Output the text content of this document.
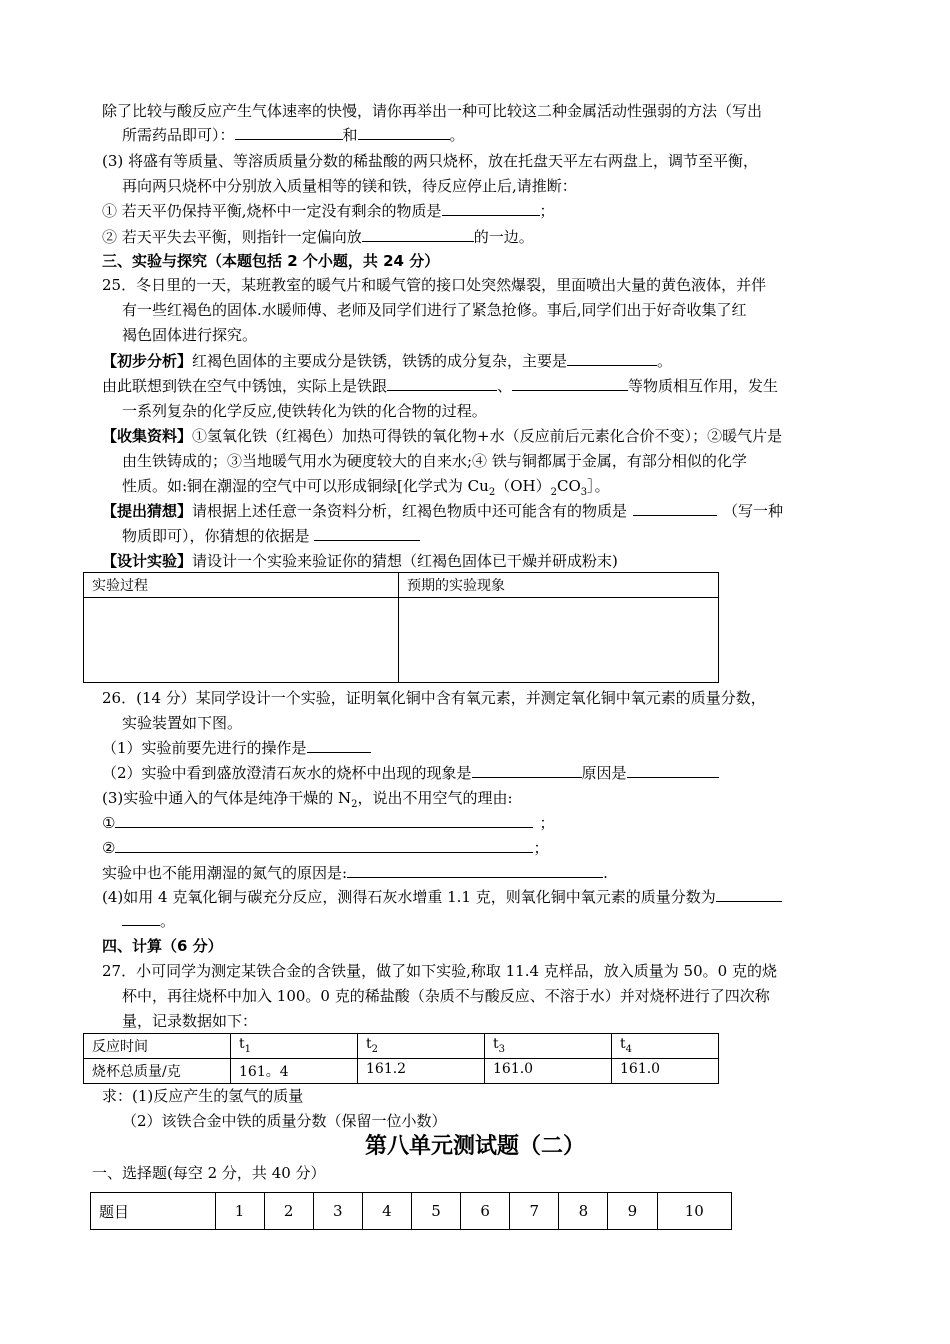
除了比较与酸反应产生气体速率的快慢，请你再举出一种可比较这二种金属活动性强弱的方法（写出
所需药品即可）：	和	。
(3) 将盛有等质量、等溶质质量分数的稀盐酸的两只烧杯，放在托盘天平左右两盘上，调节至平衡，
再向两只烧杯中分别放入质量相等的镁和铁，待反应停止后,请推断：
① 若天平仍保持平衡,烧杯中一定没有剩余的物质是	；
② 若天平失去平衡，则指针一定偏向放	的一边。
三、实验与探究（本题包括 2 个小题，共 24 分）
25．冬日里的一天，某班教室的暖气片和暖气管的接口处突然爆裂，里面喷出大量的黄色液体，并伴
有一些红褐色的固体.水暖师傅、老师及同学们进行了紧急抢修。事后,同学们出于好奇收集了红
褐色固体进行探究。
【初步分析】红褐色固体的主要成分是铁锈，铁锈的成分复杂，主要是	。
由此联想到铁在空气中锈蚀，实际上是铁跟	、	等物质相互作用，发生
一系列复杂的化学反应,使铁转化为铁的化合物的过程。
【收集资料】①氢氧化铁（红褐色）加热可得铁的氧化物+水（反应前后元素化合价不变）；②暖气片是
由生铁铸成的；③当地暖气用水为硬度较大的自来水;④ 铁与铜都属于金属，有部分相似的化学
性质。如:铜在潮湿的空气中可以形成铜绿[化学式为 $Cu_2(OH)_2CO_3]$。
【提出猜想】请根据上述任意一条资料分析，红褐色物质中还可能含有的物质是	（写一种
物质即可），你猜想的依据是
【设计实验】请设计一个实验来验证你的猜想（红褐色固体已干燥并研成粉末)
实验过程	预期的实验现象

26．(14 分）某同学设计一个实验，证明氧化铜中含有氧元素，并测定氧化铜中氧元素的质量分数，
实验装置如下图。
（1）实验前要先进行的操作是
（2）实验中看到盛放澄清石灰水的烧杯中出现的现象是	原因是
(3)实验中通入的气体是纯净干燥的 $N_2$，说出不用空气的理由:
①	；
②	；
实验中也不能用潮湿的氮气的原因是:	.
(4)如用 4 克氧化铜与碳充分反应，测得石灰水增重 1.1 克，则氧化铜中氧元素的质量分数为
。
四、计算（6 分）
27．小可同学为测定某铁合金的含铁量，做了如下实验,称取 11.4 克样品，放入质量为 50。0 克的烧
杯中，再往烧杯中加入 100。0 克的稀盐酸（杂质不与酸反应、不溶于水）并对烧杯进行了四次称
量，记录数据如下：
反应时间	$t_1$	$t_2$	$t_3$	$t_4$
烧杯总质量/克	161。4	161.2	161.0	161.0
求：(1)反应产生的氢气的质量
（2）该铁合金中铁的质量分数（保留一位小数）
第八单元测试题（二）
一、选择题(每空 2 分，共 40 分）
题目	1	2	3	4	5	6	7	8	9	10
